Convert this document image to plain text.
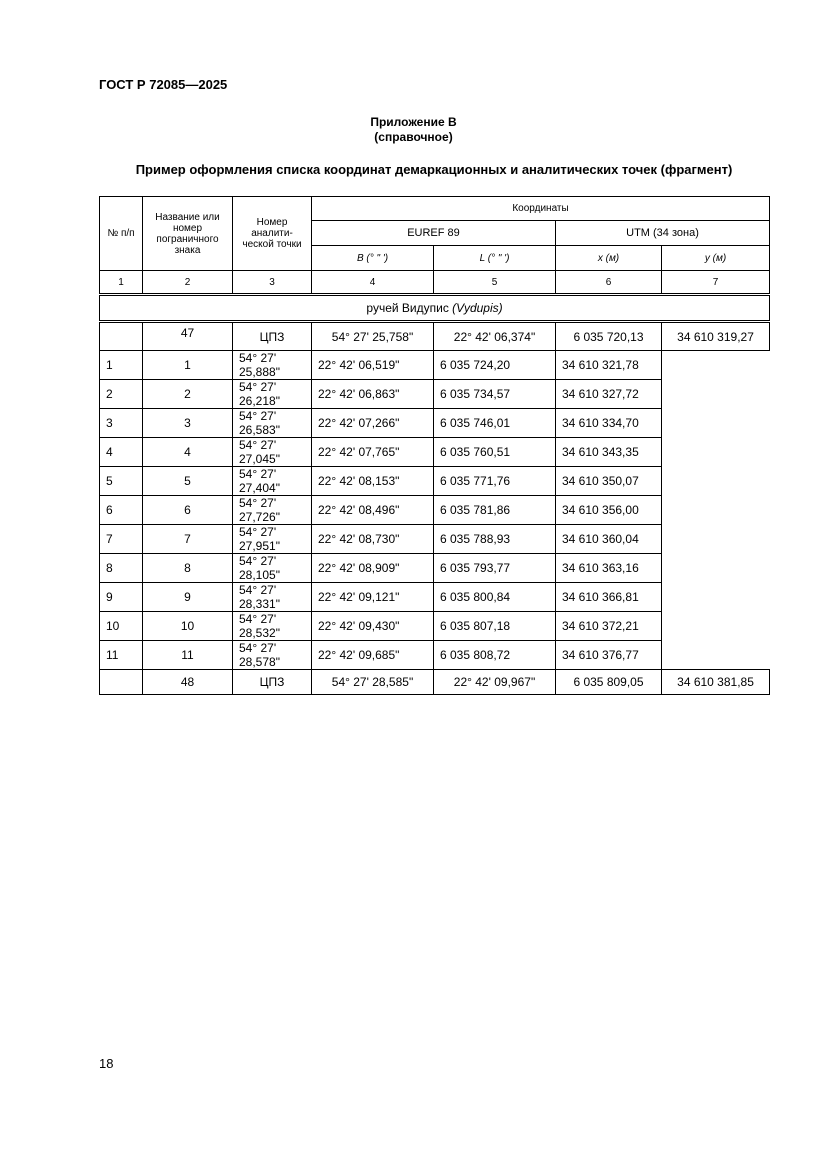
ГОСТ Р 72085—2025
Приложение В
(справочное)
Пример оформления списка координат демаркационных и аналитических точек (фрагмент)
№ п/п	Название или номер пограничного знака	Номер аналити-ческой точки	Координаты			
			EUREF 89		UTM (34 зона)	
			B (° " ')	L (° " ')	x (м)	y (м)
1	2	3	4	5	6	7
ручей Видупис (Vydupis)						
	47	ЦПЗ	54° 27' 25,758"	22° 42' 06,374"	6 035 720,13	34 610 319,27
1	1	54° 27' 25,888"	22° 42' 06,519"	6 035 724,20	34 610 321,78	
2	2	54° 27' 26,218"	22° 42' 06,863"	6 035 734,57	34 610 327,72	
3	3	54° 27' 26,583"	22° 42' 07,266"	6 035 746,01	34 610 334,70	
4	4	54° 27' 27,045"	22° 42' 07,765"	6 035 760,51	34 610 343,35	
5	5	54° 27' 27,404"	22° 42' 08,153"	6 035 771,76	34 610 350,07	
6	6	54° 27' 27,726"	22° 42' 08,496"	6 035 781,86	34 610 356,00	
7	7	54° 27' 27,951"	22° 42' 08,730"	6 035 788,93	34 610 360,04	
8	8	54° 27' 28,105"	22° 42' 08,909"	6 035 793,77	34 610 363,16	
9	9	54° 27' 28,331"	22° 42' 09,121"	6 035 800,84	34 610 366,81	
10	10	54° 27' 28,532"	22° 42' 09,430"	6 035 807,18	34 610 372,21	
11	11	54° 27' 28,578"	22° 42' 09,685"	6 035 808,72	34 610 376,77	
	48	ЦПЗ	54° 27' 28,585"	22° 42' 09,967"	6 035 809,05	34 610 381,85
18
